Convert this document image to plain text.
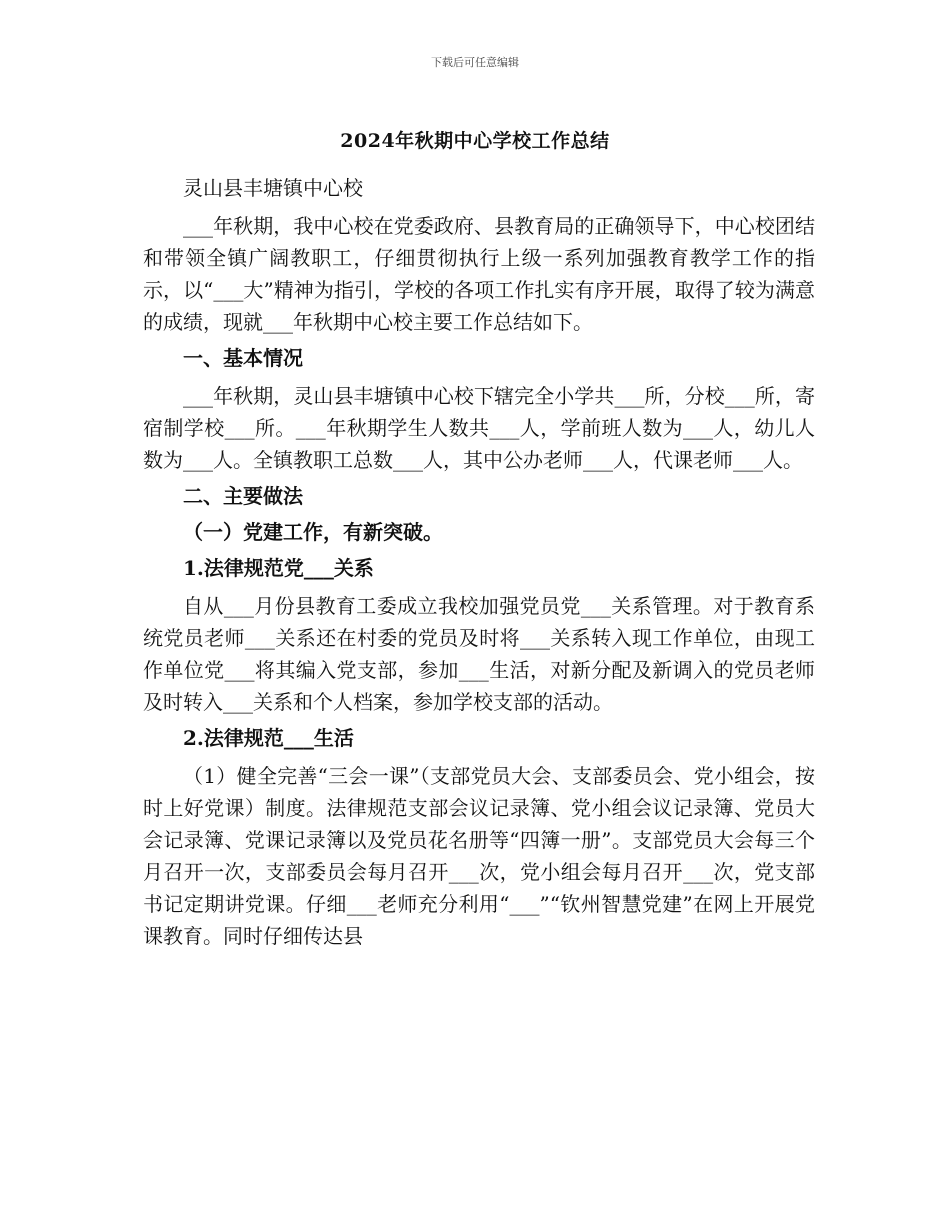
下载后可任意编辑
2024年秋期中心学校工作总结

灵山县丰塘镇中心校

___年秋期，我中心校在党委政府、县教育局的正确领导下，中心校团结和带领全镇广阔教职工，仔细贯彻执行上级一系列加强教育教学工作的指示，以“___大”精神为指引，学校的各项工作扎实有序开展，取得了较为满意的成绩，现就___年秋期中心校主要工作总结如下。

一、基本情况

___年秋期，灵山县丰塘镇中心校下辖完全小学共___所，分校___所，寄宿制学校___所。___年秋期学生人数共___人，学前班人数为___人，幼儿人数为___人。全镇教职工总数___人，其中公办老师___人，代课老师___人。

二、主要做法

（一）党建工作，有新突破。

1.法律规范党___关系

自从___月份县教育工委成立我校加强党员党___关系管理。对于教育系统党员老师___关系还在村委的党员及时将___关系转入现工作单位，由现工作单位党___将其编入党支部，参加___生活，对新分配及新调入的党员老师及时转入___关系和个人档案，参加学校支部的活动。

2.法律规范___生活

（1）健全完善“三会一课”（支部党员大会、支部委员会、党小组会，按时上好党课）制度。法律规范支部会议记录簿、党小组会议记录簿、党员大会记录簿、党课记录簿以及党员花名册等“四簿一册”。支部党员大会每三个月召开一次，支部委员会每月召开___次，党小组会每月召开___次，党支部书记定期讲党课。仔细___老师充分利用“___”“钦州智慧党建”在网上开展党课教育。同时仔细传达县
